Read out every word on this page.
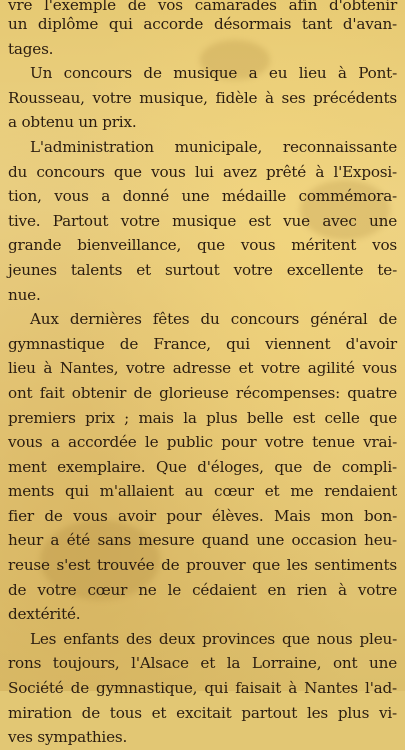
vre l'exemple de vos camarades afin d'obtenir
un diplôme qui accorde désormais tant d'avan-
tages.
Un concours de musique a eu lieu à Pont-
Rousseau, votre musique, fidèle à ses précédents
a obtenu un prix.
L'administration municipale, reconnaissante
du concours que vous lui avez prêté à l'Exposi-
tion, vous a donné une médaille commémora-
tive. Partout votre musique est vue avec une
grande bienveillance, que vous méritent vos
jeunes talents et surtout votre excellente te-
nue.
Aux dernières fêtes du concours général de
gymnastique de France, qui viennent d'avoir
lieu à Nantes, votre adresse et votre agilité vous
ont fait obtenir de glorieuse récompenses: quatre
premiers prix ; mais la plus belle est celle que
vous a accordée le public pour votre tenue vrai-
ment exemplaire. Que d'éloges, que de compli-
ments qui m'allaient au cœur et me rendaient
fier de vous avoir pour élèves. Mais mon bon-
heur a été sans mesure quand une occasion heu-
reuse s'est trouvée de prouver que les sentiments
de votre cœur ne le cédaient en rien à votre
dextérité.
Les enfants des deux provinces que nous pleu-
rons toujours, l'Alsace et la Lorraine, ont une
Société de gymnastique, qui faisait à Nantes l'ad-
miration de tous et excitait partout les plus vi-
ves sympathies.
